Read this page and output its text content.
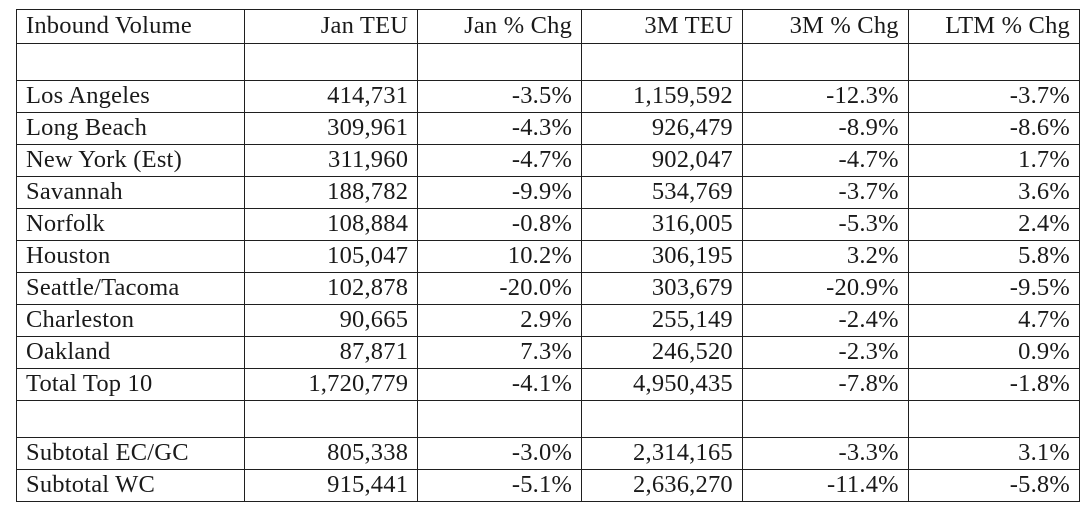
Inbound Volume	Jan TEU	Jan % Chg	3M TEU	3M % Chg	LTM % Chg

Los Angeles	414,731	-3.5%	1,159,592	-12.3%	-3.7%
Long Beach	309,961	-4.3%	926,479	-8.9%	-8.6%
New York (Est)	311,960	-4.7%	902,047	-4.7%	1.7%
Savannah	188,782	-9.9%	534,769	-3.7%	3.6%
Norfolk	108,884	-0.8%	316,005	-5.3%	2.4%
Houston	105,047	10.2%	306,195	3.2%	5.8%
Seattle/Tacoma	102,878	-20.0%	303,679	-20.9%	-9.5%
Charleston	90,665	2.9%	255,149	-2.4%	4.7%
Oakland	87,871	7.3%	246,520	-2.3%	0.9%
Total Top 10	1,720,779	-4.1%	4,950,435	-7.8%	-1.8%

Subtotal EC/GC	805,338	-3.0%	2,314,165	-3.3%	3.1%
Subtotal WC	915,441	-5.1%	2,636,270	-11.4%	-5.8%
